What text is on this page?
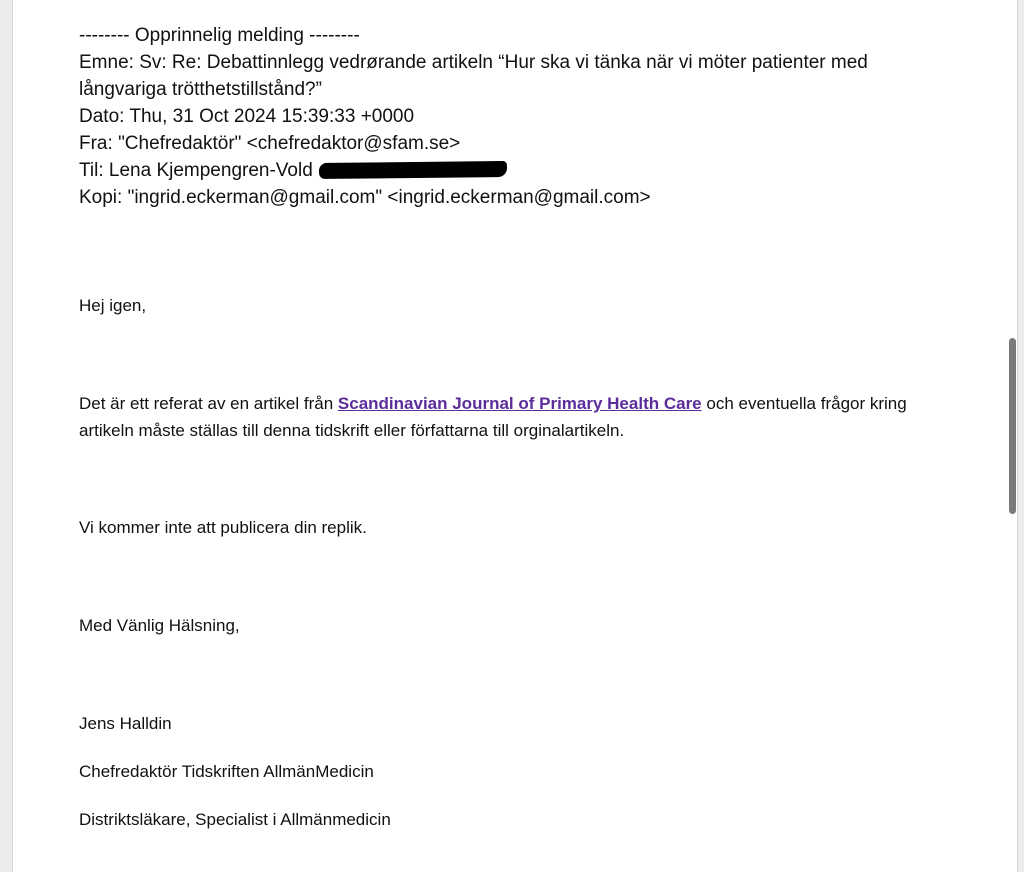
-------- Opprinnelig melding --------

Emne: Sv: Re: Debattinnlegg vedrørande artikeln “Hur ska vi tänka när vi möter patienter med långvariga trötthetstillstånd?”

Dato: Thu, 31 Oct 2024 15:39:33 +0000

Fra: "Chefredaktör" <chefredaktor@sfam.se>

Til: Lena Kjempengren-Vold

Kopi: "ingrid.eckerman@gmail.com" <ingrid.eckerman@gmail.com>

Hej igen,

Det är ett referat av en artikel från Scandinavian Journal of Primary Health Care och eventuella frågor kring artikeln måste ställas till denna tidskrift eller författarna till orginalartikeln.

Vi kommer inte att publicera din replik.

Med Vänlig Hälsning,

Jens Halldin

Chefredaktör Tidskriften AllmänMedicin

Distriktsläkare, Specialist i Allmänmedicin
